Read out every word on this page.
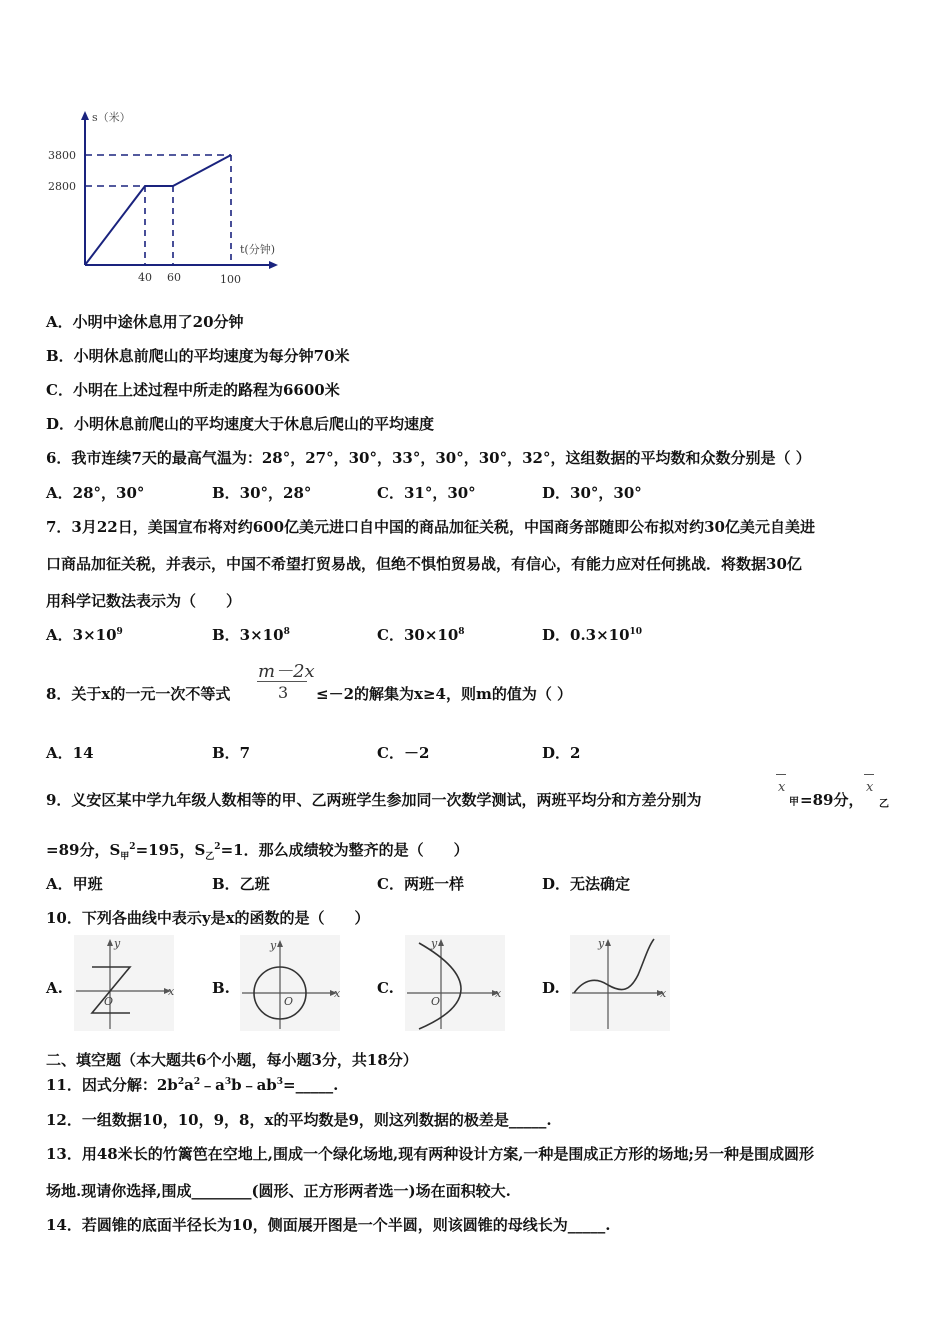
s（米）
3800
2800
t(分钟)
40 60	100
A．小明中途休息用了20分钟
B．小明休息前爬山的平均速度为每分钟70米
C．小明在上述过程中所走的路程为6600米
D．小明休息前爬山的平均速度大于休息后爬山的平均速度
6．我市连续7天的最高气温为：28°，27°，30°，33°，30°，30°，32°，这组数据的平均数和众数分别是（ ）
A．28°，30°	B．30°，28°	C．31°，30°	D．30°，30°
7．3月22日，美国宣布将对约600亿美元进口自中国的商品加征关税，中国商务部随即公布拟对约30亿美元自美进
口商品加征关税，并表示，中国不希望打贸易战，但绝不惧怕贸易战，有信心，有能力应对任何挑战．将数据30亿
用科学记数法表示为（　　）
A．$3\times 10^9$	B．$3\times 10^8$	C．$30\times 10^8$	D．$0.3\times 10^{10}$
8．关于x的一元一次不等式
m－2x
3 ≤－2的解集为x≥4，则m的值为（ ）
A．14	B．7	C．－2	D．2
9．义安区某中学九年级人数相等的甲、乙两班学生参加同一次数学测试，两班平均分和方差分别为
x
甲 =89分，
x
乙
=89分，$S_甲^2=195$，$S_乙^2=1$．那么成绩较为整齐的是（　　）
A．甲班	B．乙班	C．两班一样	D．无法确定
10．下列各曲线中表示y是x的函数的是（　　）
A.
y
x
O
B.
y
x
O
C.
y
x
O
D.
y
x
二、填空题（本大题共6个小题，每小题3分，共18分）
11．因式分解：$2b^2a^2﹣a^3b﹣ab^3=\_\_\_\_\_$.
12．一组数据10，10，9，8，x的平均数是9，则这列数据的极差是_____.
13．用48米长的竹篱笆在空地上,围成一个绿化场地,现有两种设计方案,一种是围成正方形的场地;另一种是围成圆形
场地.现请你选择,围成________(圆形、正方形两者选一)场在面积较大.
14．若圆锥的底面半径长为10，侧面展开图是一个半圆，则该圆锥的母线长为_____.
